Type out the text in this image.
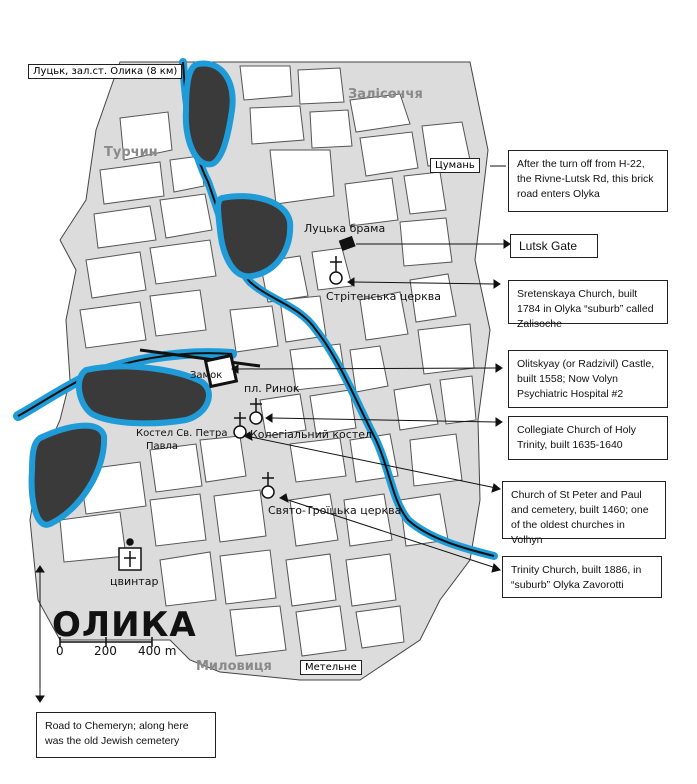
Луцьк, зал.ст. Олика (8 км)
Цумань
Метельне
Залісоччя
Турчин
Миловиця
Луцька брама
Стрітенська церква
Замок
пл. Ринок
Костел Св. Петра
Павла
Колегіальний костел
Свято-Троїцька церква
цвинтар
ОЛИКА
0	200 400 m
After the turn off from H-22, the Rivne-Lutsk Rd, this brick road enters Olyka
Lutsk Gate
Sretenskaya Church, built 1784 in Olyka “suburb” called Zalisoche
Olitskyay (or Radzivil) Castle, built 1558; Now Volyn Psychiatric Hospital #2
Collegiate Church of Holy Trinity, built 1635-1640
Church of St Peter and Paul and cemetery, built 1460; one of the oldest churches in Volhyn
Trinity Church, built 1886, in “suburb” Olyka Zavorotti
Road to Chemeryn; along here was the old Jewish cemetery
